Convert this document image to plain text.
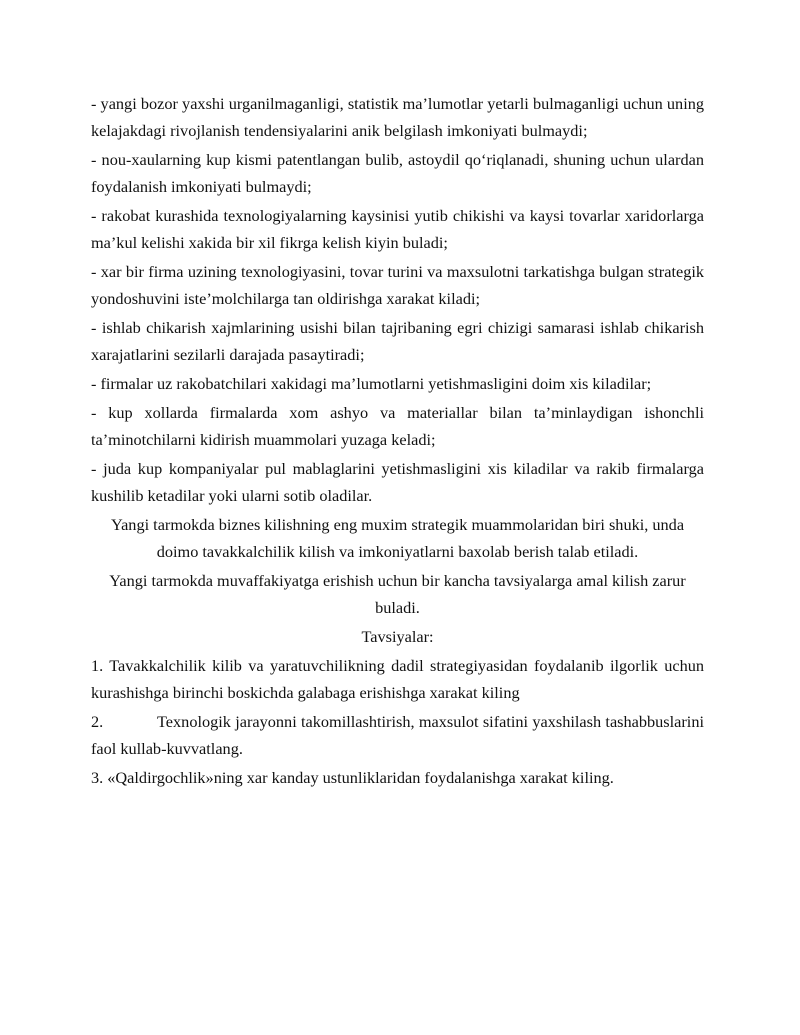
- yangi bozor yaxshi urganilmaganligi, statistik ma’lumotlar yetarli bulmaganligi uchun uning kelajakdagi rivojlanish tendensiyalarini anik belgilash imkoniyati bulmaydi;

- nou-xaularning kup kismi patentlangan bulib, astoydil qo‘riqlanadi, shuning uchun ulardan foydalanish imkoniyati bulmaydi;

- rakobat kurashida texnologiyalarning kaysinisi yutib chikishi va kaysi tovarlar xaridorlarga ma’kul kelishi xakida bir xil fikrga kelish kiyin buladi;

- xar bir firma uzining texnologiyasini, tovar turini va maxsulotni tarkatishga bulgan strategik yondoshuvini iste’molchilarga tan oldirishga xarakat kiladi;

- ishlab chikarish xajmlarining usishi bilan tajribaning egri chizigi samarasi ishlab chikarish xarajatlarini sezilarli darajada pasaytiradi;

- firmalar uz rakobatchilari xakidagi ma’lumotlarni yetishmasligini doim xis kiladilar;

- kup xollarda firmalarda xom ashyo va materiallar bilan ta’minlaydigan ishonchli ta’minotchilarni kidirish muammolari yuzaga keladi;

- juda kup kompaniyalar pul mablaglarini yetishmasligini xis kiladilar va rakib firmalarga kushilib ketadilar yoki ularni sotib oladilar.

Yangi tarmokda biznes kilishning eng muxim strategik muammolaridan biri shuki, unda doimo tavakkalchilik kilish va imkoniyatlarni baxolab berish talab etiladi.

Yangi tarmokda muvaffakiyatga erishish uchun bir kancha tavsiyalarga amal kilish zarur buladi.

Tavsiyalar:

1. Tavakkalchilik kilib va yaratuvchilikning dadil strategiyasidan foydalanib ilgorlik uchun kurashishga birinchi boskichda galabaga erishishga xarakat kiling

2.	Texnologik jarayonni takomillashtirish, maxsulot sifatini yaxshilash tashabbuslarini faol kullab-kuvvatlang.

3. «Qaldirgochlik»ning xar kanday ustunliklaridan foydalanishga xarakat kiling.
